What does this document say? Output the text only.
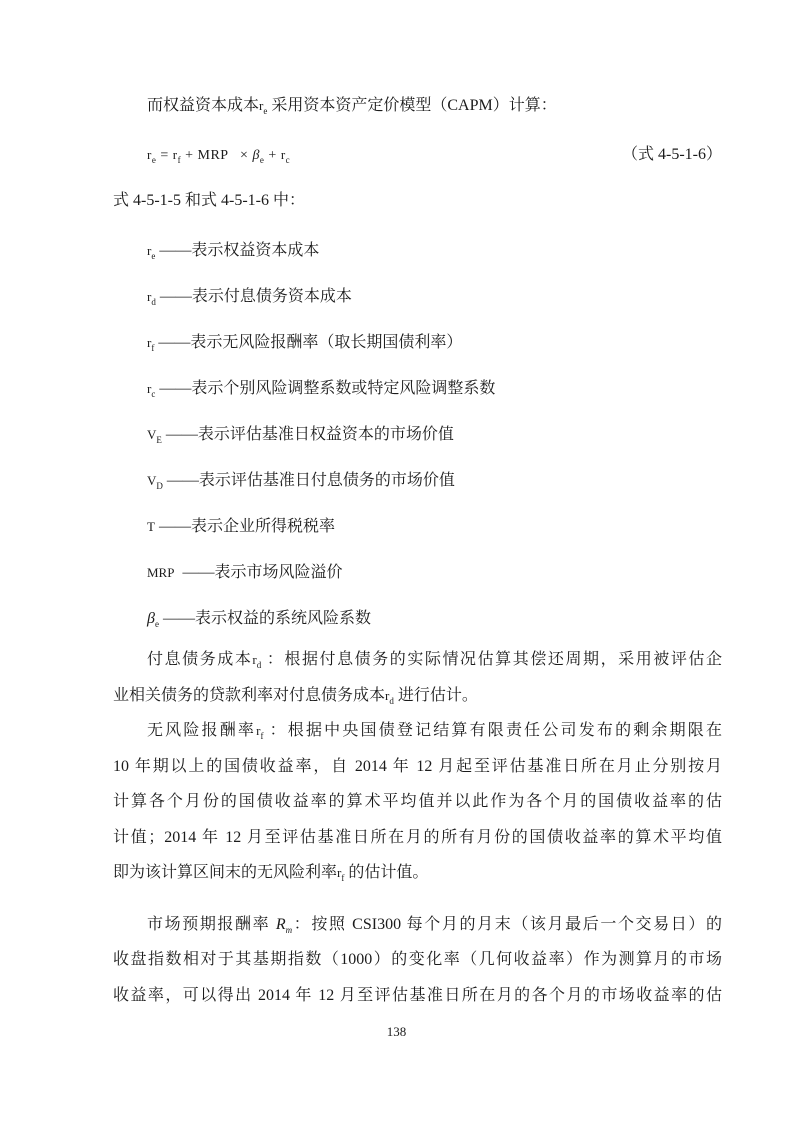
而权益资本成本$r_e$ 采用资本资产定价模型（CAPM）计算：
$r_e = r_f$ + MRP   × $\beta_e + r_c$	（式 4-5-1-6）
式 4-5-1-5 和式 4-5-1-6 中：
$r_e$ ——表示权益资本成本
$r_d$ ——表示付息债务资本成本
$r_f$ ——表示无风险报酬率（取长期国债利率）
$r_c$ ——表示个别风险调整系数或特定风险调整系数
$V_E$ ——表示评估基准日权益资本的市场价值
$V_D$ ——表示评估基准日付息债务的市场价值
T ——表示企业所得税税率
MRP  ——表示市场风险溢价
$\beta_e$ ——表示权益的系统风险系数
付息债务成本$r_d$ ：根据付息债务的实际情况估算其偿还周期，采用被评估企
业相关债务的贷款利率对付息债务成本$r_d$ 进行估计。
无风险报酬率$r_f$ ：根据中央国债登记结算有限责任公司发布的剩余期限在
10 年期以上的国债收益率，自 2014 年 12 月起至评估基准日所在月止分别按月
计算各个月份的国债收益率的算术平均值并以此作为各个月的国债收益率的估
计值；2014 年 12 月至评估基准日所在月的所有月份的国债收益率的算术平均值
即为该计算区间末的无风险利率$r_f$ 的估计值。
市场预期报酬率 $R_m$：按照 CSI300 每个月的月末（该月最后一个交易日）的
收盘指数相对于其基期指数（1000）的变化率（几何收益率）作为测算月的市场
收益率，可以得出 2014 年 12 月至评估基准日所在月的各个月的市场收益率的估
138
